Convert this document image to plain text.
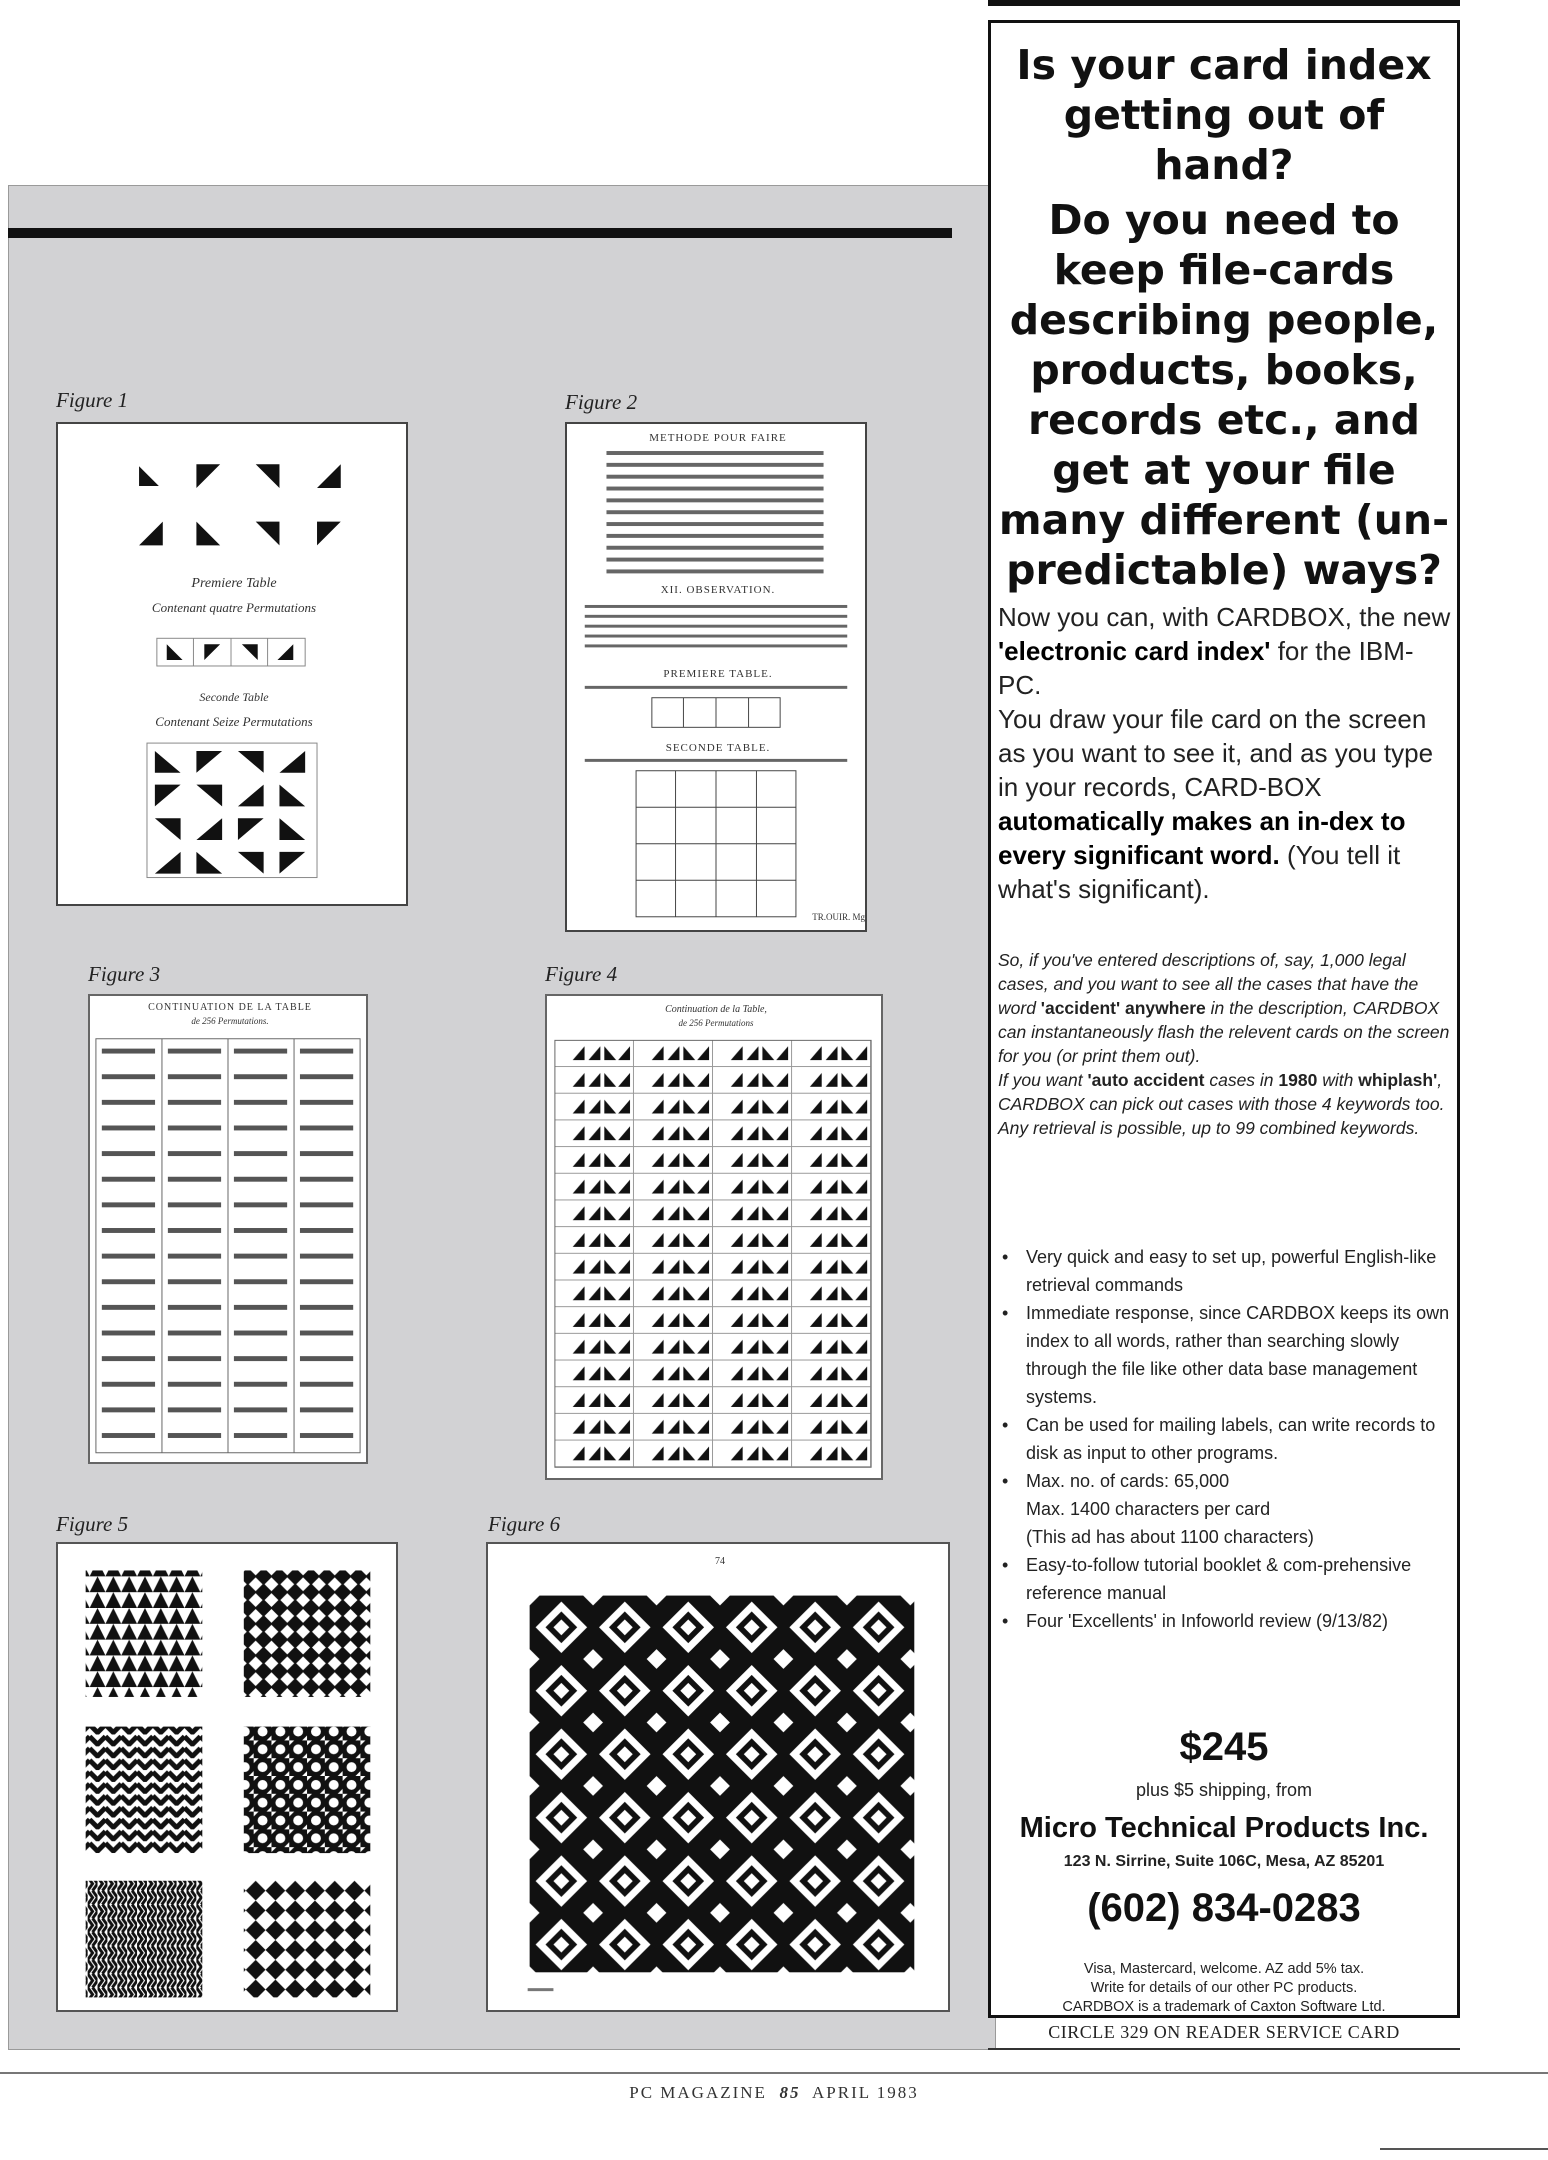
Figure 1
Premiere Table
Contenant quatre Permutations
Seconde Table
Contenant Seize Permutations
Figure 2
METHODE POUR FAIRE
XII. OBSERVATION.
PREMIERE TABLE.
SECONDE TABLE.
TR.OUIR. Mg
Figure 3
CONTINUATION DE LA TABLE
de 256 Permutations.
Figure 4
Continuation de la Table,
de 256 Permutations
Figure 5	Figure 6
74
Is your card index getting out of hand?
Do you need to keep file-cards describing people, products, books, records etc., and get at your file many different (un-predictable) ways?
Now you can, with CARDBOX, the new 'electronic card index' for the IBM-PC.
You draw your file card on the screen as you want to see it, and as you type in your records, CARD-BOX automatically makes an in-dex to every significant word. (You tell it what's significant).
So, if you've entered descriptions of, say, 1,000 legal cases, and you want to see all the cases that have the word 'accident' anywhere in the description, CARDBOX can instantaneously flash the relevent cards on the screen for you (or print them out).
If you want 'auto accident cases in 1980 with whiplash', CARDBOX can pick out cases with those 4 keywords too. Any retrieval is possible, up to 99 combined keywords.
• Very quick and easy to set up, powerful English-like retrieval commands
• Immediate response, since CARDBOX keeps its own index to all words, rather than searching slowly through the file like other data base management systems.
• Can be used for mailing labels, can write records to disk as input to other programs.
• Max. no. of cards: 65,000
Max. 1400 characters per card
(This ad has about 1100 characters)
• Easy-to-follow tutorial booklet & com-prehensive reference manual
• Four 'Excellents' in Infoworld review (9/13/82)
$245
plus $5 shipping, from
Micro Technical Products Inc.
123 N. Sirrine, Suite 106C, Mesa, AZ 85201
(602) 834-0283
Visa, Mastercard, welcome. AZ add 5% tax.
Write for details of our other PC products.
CARDBOX is a trademark of Caxton Software Ltd.
CIRCLE 329 ON READER SERVICE CARD
PC MAGAZINE 85 APRIL 1983
